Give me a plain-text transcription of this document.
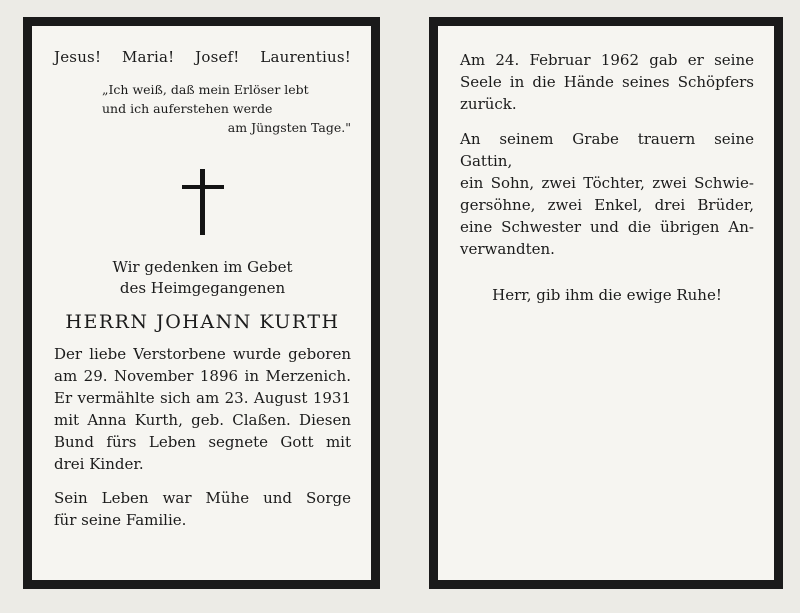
Jesus! Maria! Josef! Laurentius!
„Ich weiß, daß mein Erlöser lebt
und ich auferstehen werde
am Jüngsten Tage."
Wir gedenken im Gebet
des Heimgegangenen
HERRN JOHANN KURTH

Der liebe Verstorbene wurde geboren
am 29. November 1896 in Merzenich.
Er vermählte sich am 23. August 1931
mit Anna Kurth, geb. Claßen. Diesen
Bund fürs Leben segnete Gott mit
drei Kinder.

Sein Leben war Mühe und Sorge
für seine Familie.

Am 24. Februar 1962 gab er seine
Seele in die Hände seines Schöpfers
zurück.

An seinem Grabe trauern seine Gattin,
ein Sohn, zwei Töchter, zwei Schwie-
gersöhne, zwei Enkel, drei Brüder,
eine Schwester und die übrigen An-
verwandten.

Herr, gib ihm die ewige Ruhe!
